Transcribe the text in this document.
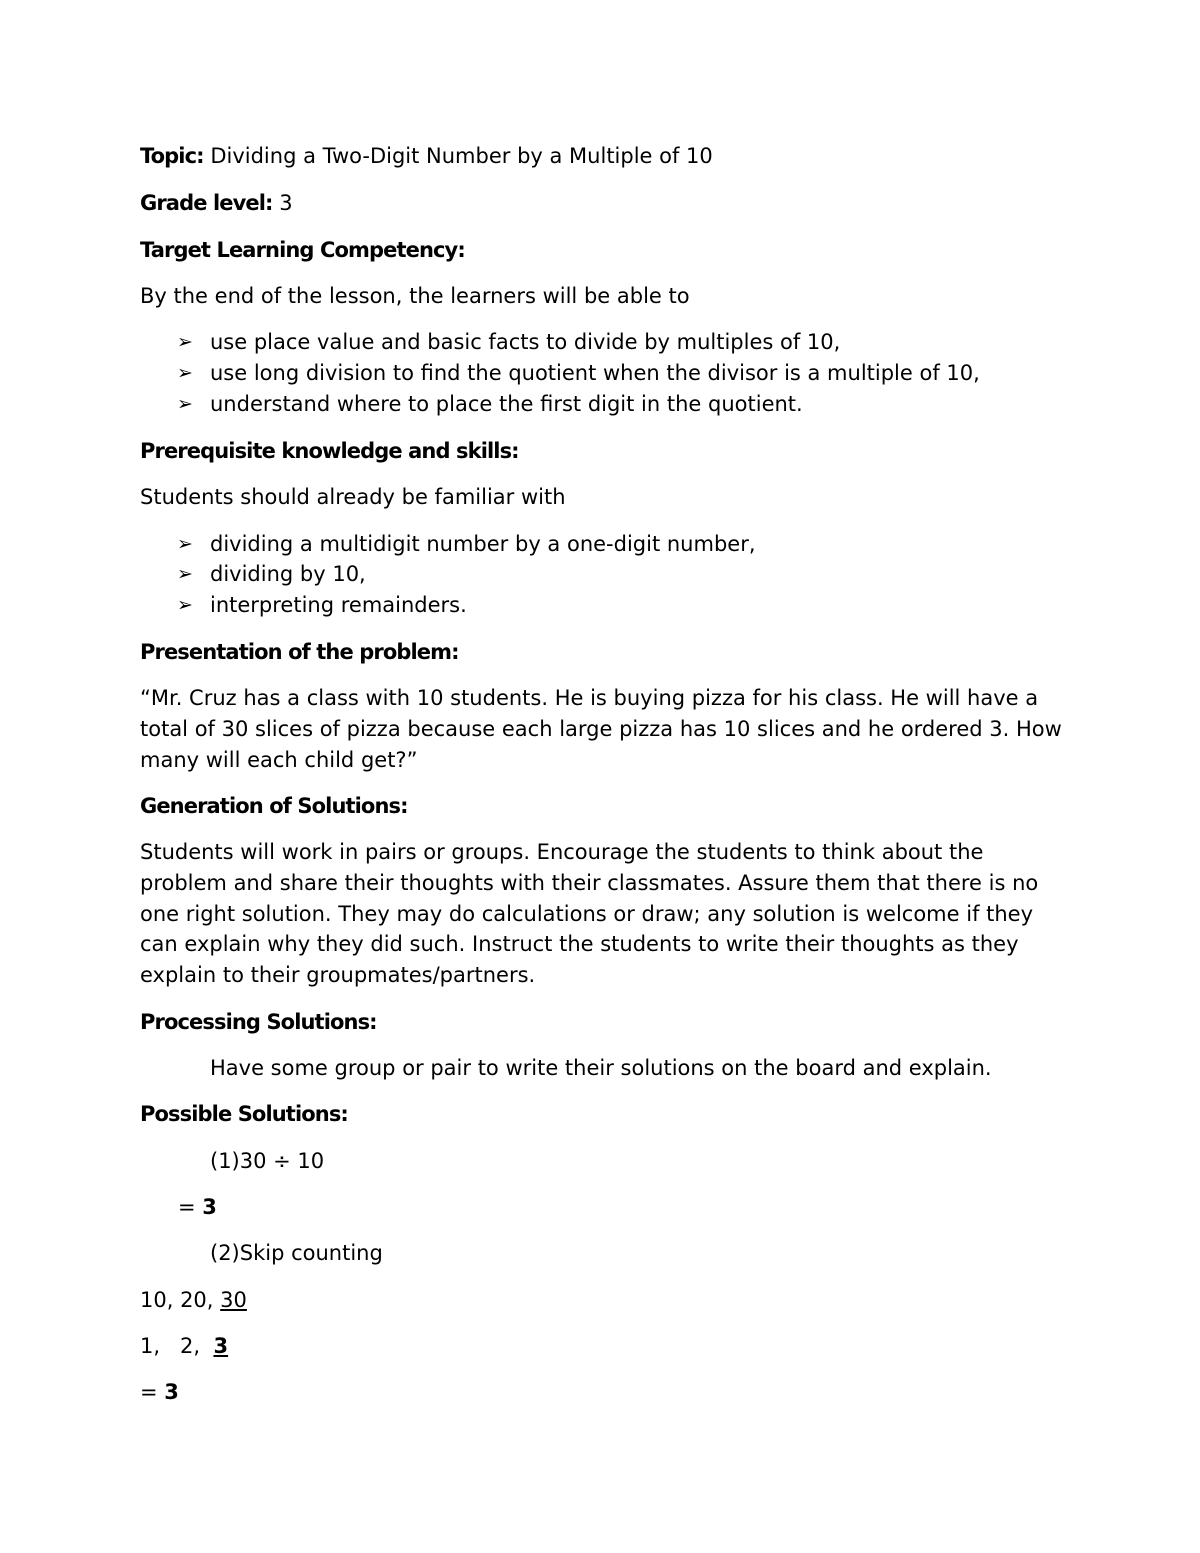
Topic: Dividing a Two-Digit Number by a Multiple of 10
Grade level: 3
Target Learning Competency:
By the end of the lesson, the learners will be able to
➢ use place value and basic facts to divide by multiples of 10,
➢ use long division to find the quotient when the divisor is a multiple of 10,
➢ understand where to place the first digit in the quotient.
Prerequisite knowledge and skills:
Students should already be familiar with
➢ dividing a multidigit number by a one-digit number,
➢ dividing by 10,
➢ interpreting remainders.
Presentation of the problem:
“Mr. Cruz has a class with 10 students. He is buying pizza for his class. He will have a
total of 30 slices of pizza because each large pizza has 10 slices and he ordered 3. How
many will each child get?”
Generation of Solutions:
Students will work in pairs or groups. Encourage the students to think about the
problem and share their thoughts with their classmates. Assure them that there is no
one right solution. They may do calculations or draw; any solution is welcome if they
can explain why they did such. Instruct the students to write their thoughts as they
explain to their groupmates/partners.
Processing Solutions:
Have some group or pair to write their solutions on the board and explain.
Possible Solutions:
(1)30 ÷ 10
= 3
(2)Skip counting
10, 20, 30
1,   2,  3
= 3
